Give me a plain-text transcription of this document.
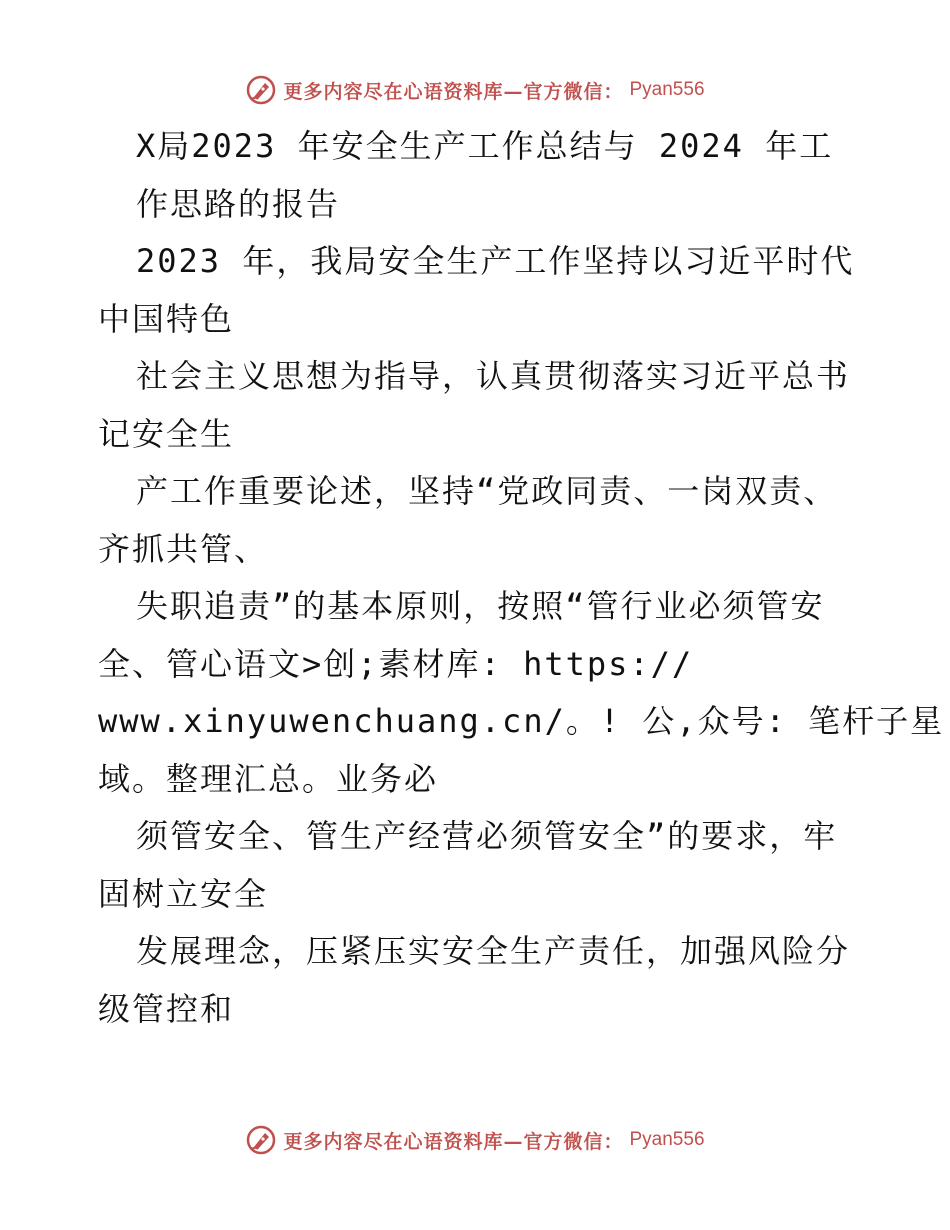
更多内容尽在心语资料库—官方微信： Pyan556
X局2023 年安全生产工作总结与 2024 年工
作思路的报告
2023 年，我局安全生产工作坚持以习近平时代
中国特色
社会主义思想为指导，认真贯彻落实习近平总书
记安全生
产工作重要论述，坚持“党政同责、一岗双责、
齐抓共管、
失职追责”的基本原则，按照“管行业必须管安
全、管心语文>创;素材库: https://
www.xinyuwenchuang.cn/。! 公,众号: 笔杆子星
域。整理汇总。业务必
须管安全、管生产经营必须管安全”的要求，牢
固树立安全
发展理念，压紧压实安全生产责任，加强风险分
级管控和
更多内容尽在心语资料库—官方微信： Pyan556
